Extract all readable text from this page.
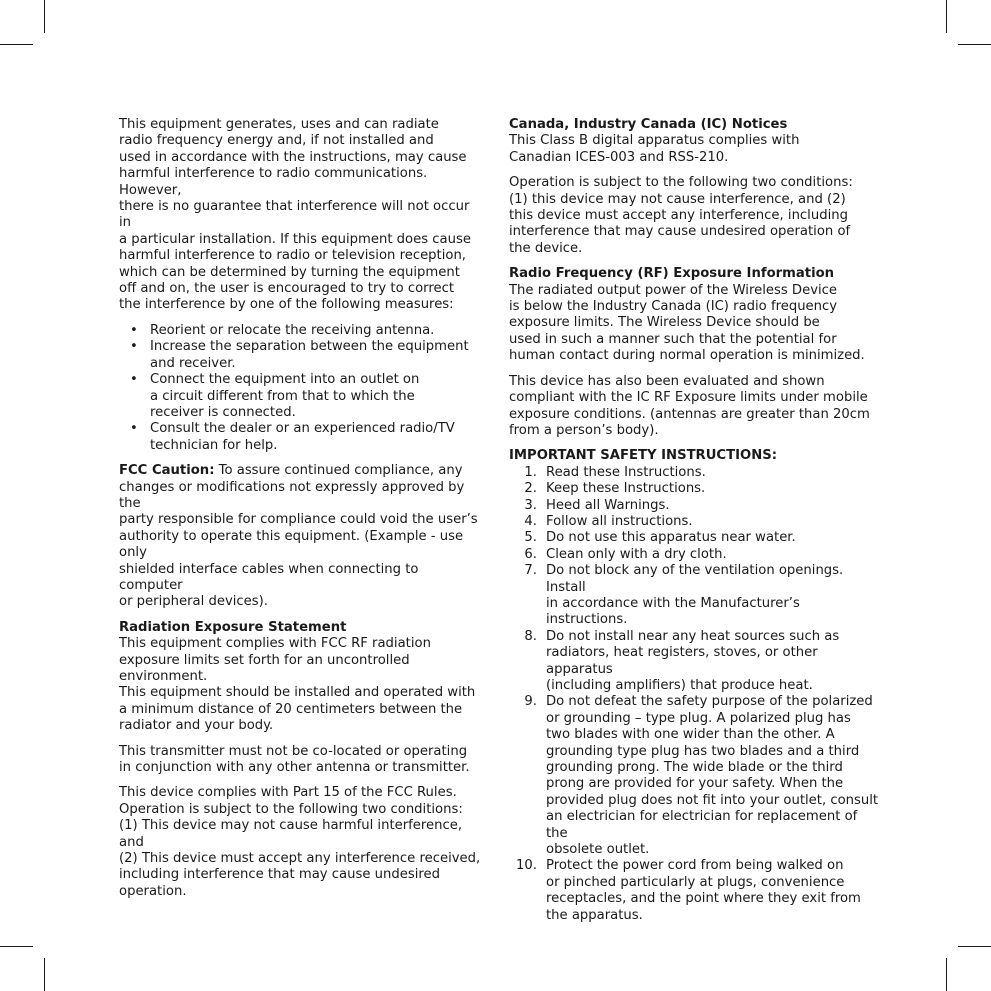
This equipment generates, uses and can radiate
radio frequency energy and, if not installed and
used in accordance with the instructions, may cause
harmful interference to radio communications. However,
there is no guarantee that interference will not occur in
a particular installation. If this equipment does cause
harmful interference to radio or television reception,
which can be determined by turning the equipment
off and on, the user is encouraged to try to correct
the interference by one of the following measures:

• Reorient or relocate the receiving antenna.
• Increase the separation between the equipment
and receiver.
• Connect the equipment into an outlet on
a circuit different from that to which the
receiver is connected.
• Consult the dealer or an experienced radio/TV
technician for help.

FCC Caution: To assure continued compliance, any
changes or modifications not expressly approved by the
party responsible for compliance could void the user’s
authority to operate this equipment. (Example - use only
shielded interface cables when connecting to computer
or peripheral devices).

Radiation Exposure Statement

This equipment complies with FCC RF radiation
exposure limits set forth for an uncontrolled environment.
This equipment should be installed and operated with
a minimum distance of 20 centimeters between the
radiator and your body.

This transmitter must not be co-located or operating
in conjunction with any other antenna or transmitter.

This device complies with Part 15 of the FCC Rules.
Operation is subject to the following two conditions:
(1) This device may not cause harmful interference, and
(2) This device must accept any interference received,
including interference that may cause undesired
operation.

Canada, Industry Canada (IC) Notices

This Class B digital apparatus complies with
Canadian ICES-003 and RSS-210.

Operation is subject to the following two conditions:
(1) this device may not cause interference, and (2)
this device must accept any interference, including
interference that may cause undesired operation of
the device.

Radio Frequency (RF) Exposure Information

The radiated output power of the Wireless Device
is below the Industry Canada (IC) radio frequency
exposure limits. The Wireless Device should be
used in such a manner such that the potential for
human contact during normal operation is minimized.

This device has also been evaluated and shown
compliant with the IC RF Exposure limits under mobile
exposure conditions. (antennas are greater than 20cm
from a person’s body).

IMPORTANT SAFETY INSTRUCTIONS:

1. Read these Instructions.
2. Keep these Instructions.
3. Heed all Warnings.
4. Follow all instructions.
5. Do not use this apparatus near water.
6. Clean only with a dry cloth.
7. Do not block any of the ventilation openings. Install
in accordance with the Manufacturer’s instructions.
8. Do not install near any heat sources such as
radiators, heat registers, stoves, or other apparatus
(including amplifiers) that produce heat.
9. Do not defeat the safety purpose of the polarized
or grounding – type plug. A polarized plug has
two blades with one wider than the other. A
grounding type plug has two blades and a third
grounding prong. The wide blade or the third
prong are provided for your safety. When the
provided plug does not fit into your outlet, consult
an electrician for electrician for replacement of the
obsolete outlet.
10. Protect the power cord from being walked on
or pinched particularly at plugs, convenience
receptacles, and the point where they exit from
the apparatus.
